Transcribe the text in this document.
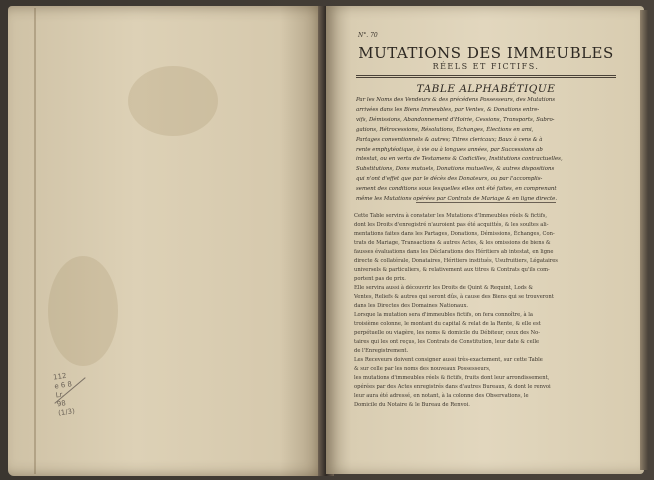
112
e 6 8
Lr.
98
(1/3)
N°. 70
MUTATIONS DES IMMEUBLES
RÉELS ET FICTIFS.
TABLE ALPHABÉTIQUE
Par les Noms des Vendeurs & des précédens Possesseurs, des Mutations
arrivées dans les Biens Immeubles, par Ventes, & Donations entre-
vifs, Démissions, Abandonnement d'Hoirie, Cessions, Transports, Subro-
gations, Rétrocessions, Résolutions, Échanges, Élections en ami,
Partages conventionnels & autres; Titres clericaux; Baux à cens & à
rente emphytéotique, à vie ou à longues années, par Successions ab
intestat, ou en vertu de Testamens & Codicilles, Institutions contractuelles,
Substitutions, Dons mutuels, Donations mutuelles, & autres dispositions
qui n'ont d'effet que par le décès des Donateurs, ou par l'accomplis-
sement des conditions sous lesquelles elles ont été faites, en comprenant
même les Mutations opérées par Contrats de Mariage & en ligne directe.
Cette Table servira à constater les Mutations d'Immeubles réels & fictifs,
dont les Droits d'enregistré n'auroient pas été acquittés, & les soultes ali-
mentations faites dans les Partages, Donations, Démissions, Échanges, Con-
trats de Mariage, Transactions & autres Actes, & les omissions de biens &
fausses évaluations dans les Déclarations des Héritiers ab intestat, en ligne
directe & collatérale, Donataires, Héritiers institués, Usufruitiers, Légataires
universels & particuliers, & relativement aux titres & Contrats qu'ils com-
portent pas de prix.
Elle servira aussi à découvrir les Droits de Quint & Requint, Lods &
Ventes, Reliefs & autres qui seront dûs, à cause des Biens qui se trouveront
dans les Directes des Domaines Nationaux.
Lorsque la mutation sera d'immeubles fictifs, on fera connoître, à la
troisième colonne, le montant du capital & relat de la Rente, & elle est
perpétuelle ou viagère, les noms & domicile du Débiteur, ceux des No-
taires qui les ont reçus, les Contrats de Constitution, leur date & celle
de l'Enregistrement.
Les Receveurs doivent consigner aussi très-exactement, sur cette Table
& sur celle par les noms des nouveaux Possesseurs,
les mutations d'immeubles réels & fictifs, fruits dont leur arrondissement,
opérées par des Actes enregistrés dans d'autres Bureaux, & dont le renvoi
leur aura été adressé, en notant, à la colonne des Observations, le
Domicile du Notaire & le Bureau de Renvoi.
